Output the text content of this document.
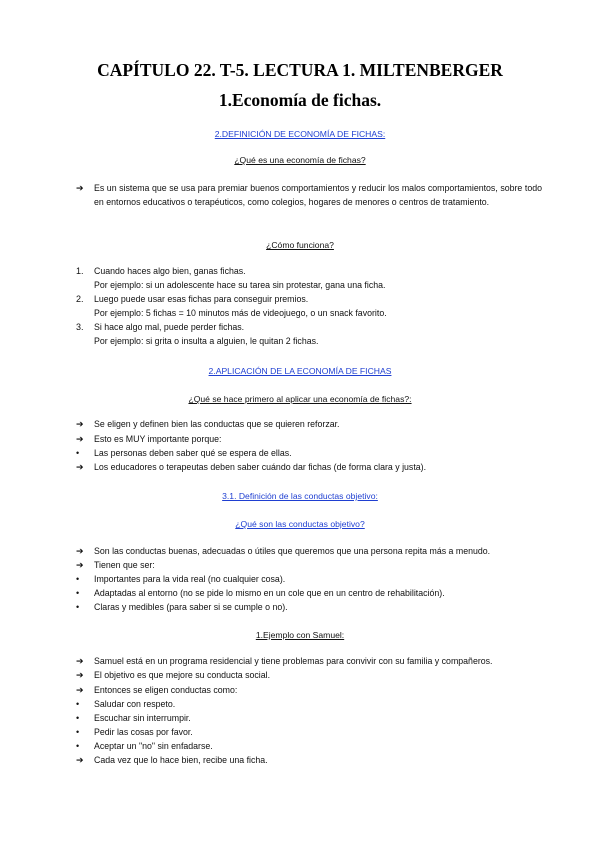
CAPÍTULO 22. T-5. LECTURA 1. MILTENBERGER
1.Economía de fichas.

2.DEFINICIÓN DE ECONOMÍA DE FICHAS:

¿Qué es una economía de fichas?

➔	Es un sistema que se usa para premiar buenos comportamientos y reducir los malos comportamientos, sobre todo en entornos educativos o terapéuticos, como colegios, hogares de menores o centros de tratamiento.

¿Cómo funciona?

1.	Cuando haces algo bien, ganas fichas.
Por ejemplo: si un adolescente hace su tarea sin protestar, gana una ficha.
2.	Luego puede usar esas fichas para conseguir premios.
Por ejemplo: 5 fichas = 10 minutos más de videojuego, o un snack favorito.
3.	Si hace algo mal, puede perder fichas.
Por ejemplo: si grita o insulta a alguien, le quitan 2 fichas.

2.APLICACIÓN DE LA ECONOMÍA DE FICHAS

¿Qué se hace primero al aplicar una economía de fichas?:

➔	Se eligen y definen bien las conductas que se quieren reforzar.
➔	Esto es MUY importante porque:
•	Las personas deben saber qué se espera de ellas.
➔	Los educadores o terapeutas deben saber cuándo dar fichas (de forma clara y justa).

3.1. Definición de las conductas objetivo:

¿Qué son las conductas objetivo?

➔	Son las conductas buenas, adecuadas o útiles que queremos que una persona repita más a menudo.
➔	Tienen que ser:
•	Importantes para la vida real (no cualquier cosa).
•	Adaptadas al entorno (no se pide lo mismo en un cole que en un centro de rehabilitación).
•	Claras y medibles (para saber si se cumple o no).

1.Ejemplo con Samuel:

➔	Samuel está en un programa residencial y tiene problemas para convivir con su familia y compañeros.
➔	El objetivo es que mejore su conducta social.
➔	Entonces se eligen conductas como:
•	Saludar con respeto.
•	Escuchar sin interrumpir.
•	Pedir las cosas por favor.
•	Aceptar un "no" sin enfadarse.
➔	Cada vez que lo hace bien, recibe una ficha.
